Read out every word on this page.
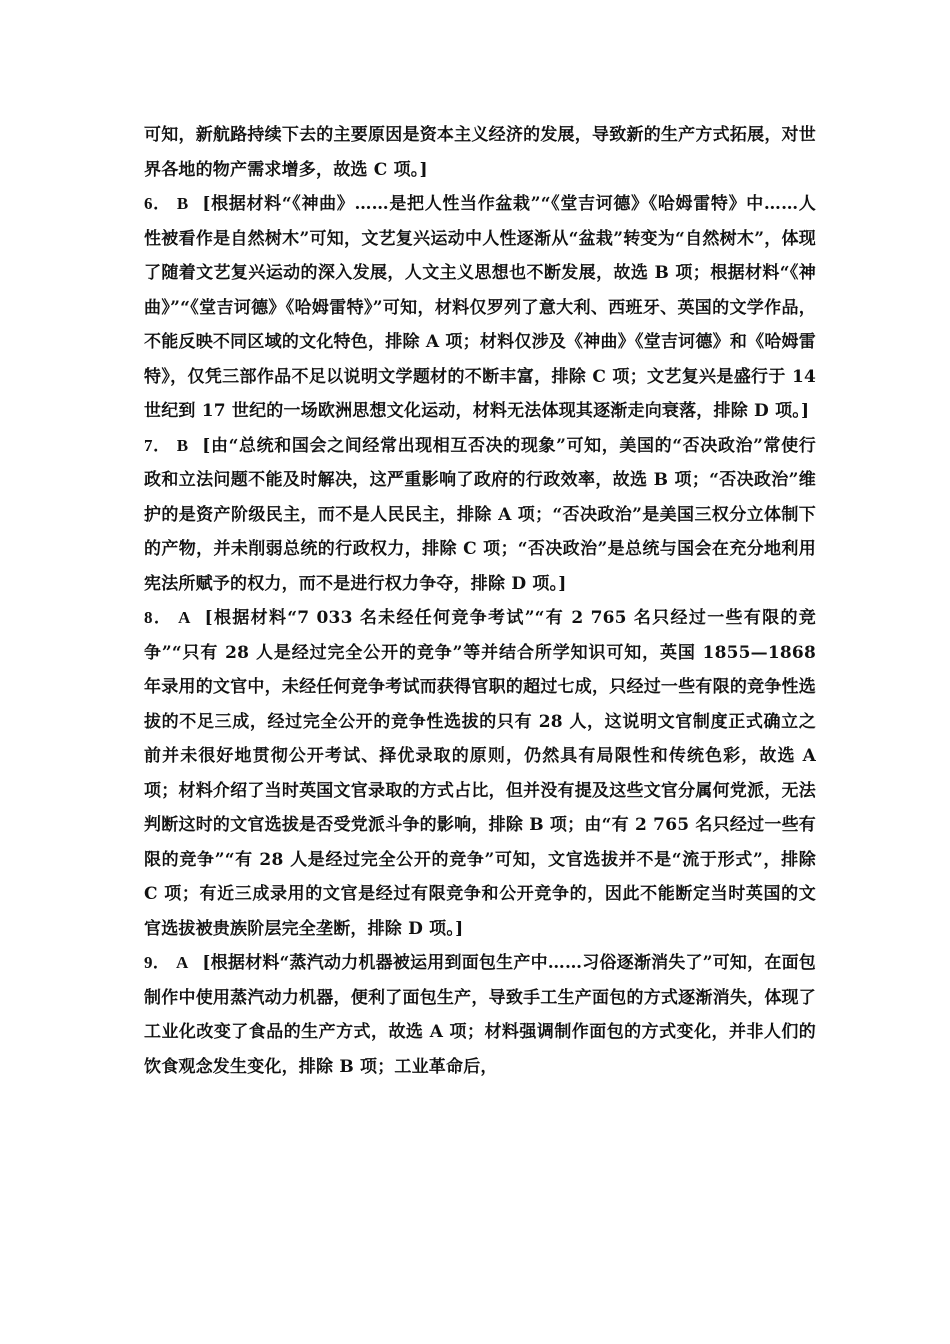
可知，新航路持续下去的主要原因是资本主义经济的发展，导致新的生产方式拓展，对世界各地的物产需求增多，故选 C 项。]

6． B [根据材料“《神曲》……是把人性当作盆栽”“《堂吉诃德》《哈姆雷特》中……人性被看作是自然树木”可知，文艺复兴运动中人性逐渐从“盆栽”转变为“自然树木”，体现了随着文艺复兴运动的深入发展，人文主义思想也不断发展，故选 B 项；根据材料“《神曲》”“《堂吉诃德》《哈姆雷特》”可知，材料仅罗列了意大利、西班牙、英国的文学作品，不能反映不同区域的文化特色，排除 A 项；材料仅涉及《神曲》《堂吉诃德》和《哈姆雷特》，仅凭三部作品不足以说明文学题材的不断丰富，排除 C 项；文艺复兴是盛行于 14 世纪到 17 世纪的一场欧洲思想文化运动，材料无法体现其逐渐走向衰落，排除 D 项。]

7． B [由“总统和国会之间经常出现相互否决的现象”可知，美国的“否决政治”常使行政和立法问题不能及时解决，这严重影响了政府的行政效率，故选 B 项；“否决政治”维护的是资产阶级民主，而不是人民民主，排除 A 项；“否决政治”是美国三权分立体制下的产物，并未削弱总统的行政权力，排除 C 项；“否决政治”是总统与国会在充分地利用宪法所赋予的权力，而不是进行权力争夺，排除 D 项。]

8． A [根据材料“7 033 名未经任何竞争考试”“有 2 765 名只经过一些有限的竞争”“只有 28 人是经过完全公开的竞争”等并结合所学知识可知，英国 1855—1868 年录用的文官中，未经任何竞争考试而获得官职的超过七成，只经过一些有限的竞争性选拔的不足三成，经过完全公开的竞争性选拔的只有 28 人，这说明文官制度正式确立之前并未很好地贯彻公开考试、择优录取的原则，仍然具有局限性和传统色彩，故选 A 项；材料介绍了当时英国文官录取的方式占比，但并没有提及这些文官分属何党派，无法判断这时的文官选拔是否受党派斗争的影响，排除 B 项；由“有 2 765 名只经过一些有限的竞争”“有 28 人是经过完全公开的竞争”可知，文官选拔并不是“流于形式”，排除 C 项；有近三成录用的文官是经过有限竞争和公开竞争的，因此不能断定当时英国的文官选拔被贵族阶层完全垄断，排除 D 项。]

9． A [根据材料“蒸汽动力机器被运用到面包生产中……习俗逐渐消失了”可知，在面包制作中使用蒸汽动力机器，便利了面包生产，导致手工生产面包的方式逐渐消失，体现了工业化改变了食品的生产方式，故选 A 项；材料强调制作面包的方式变化，并非人们的饮食观念发生变化，排除 B 项；工业革命后，
